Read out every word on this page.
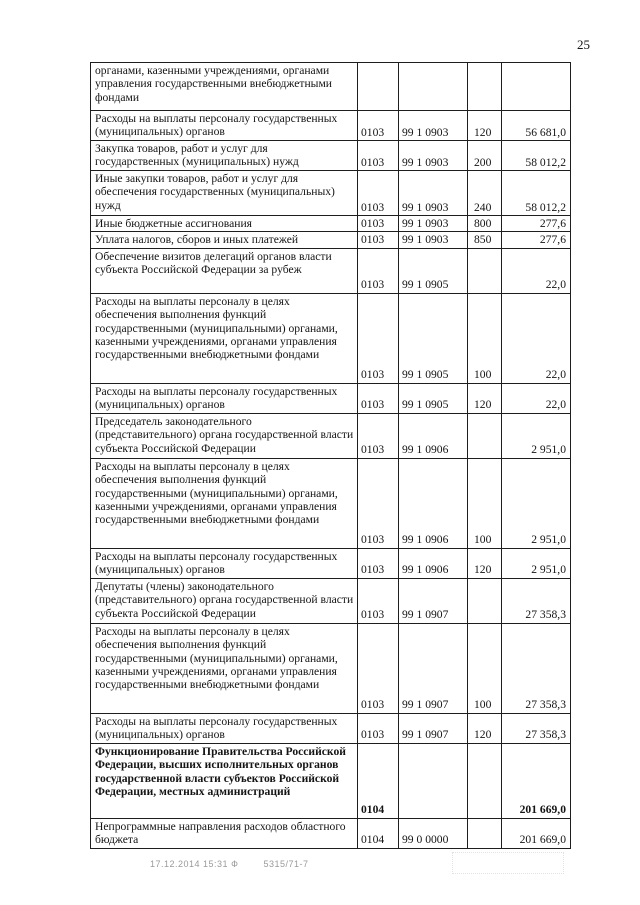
25
органами, казенными учреждениями, органами управления государственными внебюджетными фондами				
Расходы на выплаты персоналу государственных (муниципальных) органов	0103	99 1 0903	120	56 681,0
Закупка товаров, работ и услуг для государственных (муниципальных) нужд	0103	99 1 0903	200	58 012,2
Иные закупки товаров, работ и услуг для обеспечения государственных (муниципальных) нужд	0103	99 1 0903	240	58 012,2
Иные бюджетные ассигнования	0103	99 1 0903	800	277,6
Уплата налогов, сборов и иных платежей	0103	99 1 0903	850	277,6
Обеспечение визитов делегаций органов власти субъекта Российской Федерации за рубеж	0103	99 1 0905		22,0
Расходы на выплаты персоналу в целях обеспечения выполнения функций государственными (муниципальными) органами, казенными учреждениями, органами управления государственными внебюджетными фондами	0103	99 1 0905	100	22,0
Расходы на выплаты персоналу государственных (муниципальных) органов	0103	99 1 0905	120	22,0
Председатель законодательного (представительного) органа государственной власти субъекта Российской Федерации	0103	99 1 0906		2 951,0
Расходы на выплаты персоналу в целях обеспечения выполнения функций государственными (муниципальными) органами, казенными учреждениями, органами управления государственными внебюджетными фондами	0103	99 1 0906	100	2 951,0
Расходы на выплаты персоналу государственных (муниципальных) органов	0103	99 1 0906	120	2 951,0
Депутаты (члены) законодательного (представительного) органа государственной власти субъекта Российской Федерации	0103	99 1 0907		27 358,3
Расходы на выплаты персоналу в целях обеспечения выполнения функций государственными (муниципальными) органами, казенными учреждениями, органами управления государственными внебюджетными фондами	0103	99 1 0907	100	27 358,3
Расходы на выплаты персоналу государственных (муниципальных) органов	0103	99 1 0907	120	27 358,3
Функционирование Правительства Российской Федерации, высших исполнительных органов государственной власти субъектов Российской Федерации, местных администраций	0104			201 669,0
Непрограммные направления расходов областного бюджета	0104	99 0 0000		201 669,0
17.12.2014 15:31 Ф	5315/71-7
